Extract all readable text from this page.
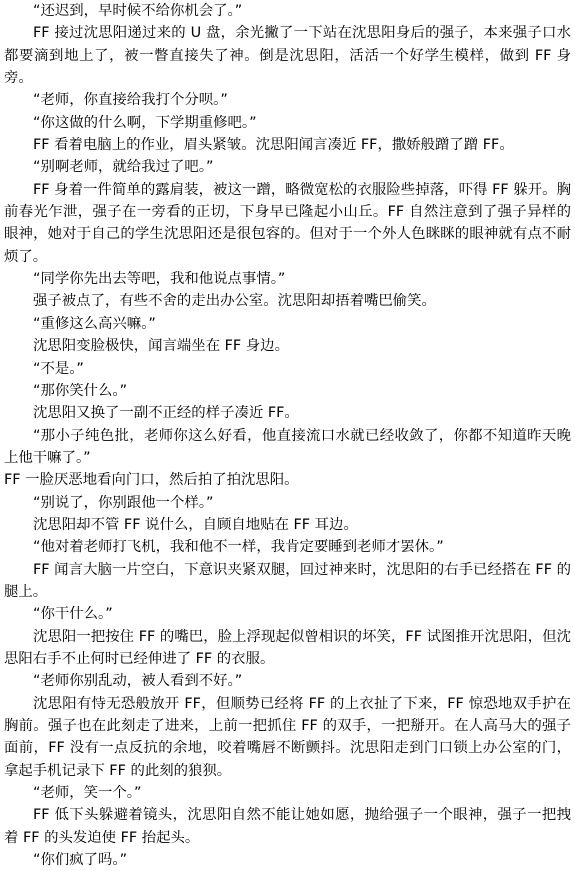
“还迟到，早时候不给你机会了。”

FF 接过沈思阳递过来的 U 盘，余光撇了一下站在沈思阳身后的强子，本来强子口水都要滴到地上了，被一瞥直接失了神。倒是沈思阳，活活一个好学生模样，做到 FF 身旁。

“老师，你直接给我打个分呗。”

“你这做的什么啊，下学期重修吧。”

FF 看着电脑上的作业，眉头紧皱。沈思阳闻言凑近 FF，撒娇般蹭了蹭 FF。

“别啊老师，就给我过了吧。”

FF 身着一件简单的露肩装，被这一蹭，略微宽松的衣服险些掉落，吓得 FF 躲开。胸前春光乍泄，强子在一旁看的正切，下身早已隆起小山丘。FF 自然注意到了强子异样的眼神，她对于自己的学生沈思阳还是很包容的。但对于一个外人色眯眯的眼神就有点不耐烦了。

“同学你先出去等吧，我和他说点事情。”

强子被点了，有些不舍的走出办公室。沈思阳却捂着嘴巴偷笑。

“重修这么高兴嘛。”

沈思阳变脸极快，闻言端坐在 FF 身边。

“不是。”

“那你笑什么。”

沈思阳又换了一副不正经的样子凑近 FF。

“那小子纯色批，老师你这么好看，他直接流口水就已经收敛了，你都不知道昨天晚上他干嘛了。”

FF 一脸厌恶地看向门口，然后拍了拍沈思阳。

“别说了，你别跟他一个样。”

沈思阳却不管 FF 说什么，自顾自地贴在 FF 耳边。

“他对着老师打飞机，我和他不一样，我肯定要睡到老师才罢休。”

FF 闻言大脑一片空白，下意识夹紧双腿，回过神来时，沈思阳的右手已经搭在 FF 的腿上。

“你干什么。”

沈思阳一把按住 FF 的嘴巴，脸上浮现起似曾相识的坏笑，FF 试图推开沈思阳，但沈思阳右手不止何时已经伸进了 FF 的衣服。

“老师你别乱动，被人看到不好。”

沈思阳有恃无恐般放开 FF，但顺势已经将 FF 的上衣扯了下来，FF 惊恐地双手护在胸前。强子也在此刻走了进来，上前一把抓住 FF 的双手，一把掰开。在人高马大的强子面前，FF 没有一点反抗的余地，咬着嘴唇不断颤抖。沈思阳走到门口锁上办公室的门，拿起手机记录下 FF 的此刻的狼狈。

“老师，笑一个。”

FF 低下头躲避着镜头，沈思阳自然不能让她如愿，抛给强子一个眼神，强子一把拽着 FF 的头发迫使 FF 抬起头。

“你们疯了吗。”
